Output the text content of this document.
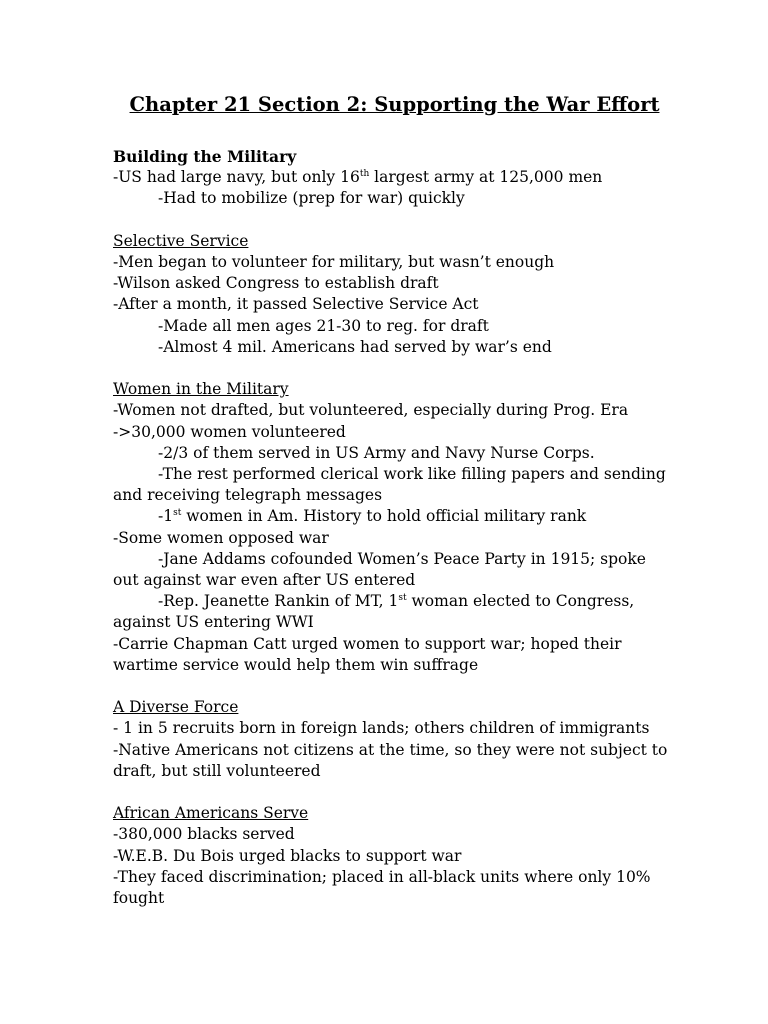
Chapter 21 Section 2: Supporting the War Effort
Building the Military
-US had large navy, but only 16th largest army at 125,000 men
-Had to mobilize (prep for war) quickly
Selective Service
-Men began to volunteer for military, but wasn’t enough
-Wilson asked Congress to establish draft
-After a month, it passed Selective Service Act
-Made all men ages 21-30 to reg. for draft
-Almost 4 mil. Americans had served by war’s end
Women in the Military
-Women not drafted, but volunteered, especially during Prog. Era
->30,000 women volunteered
-2/3 of them served in US Army and Navy Nurse Corps.
-The rest performed clerical work like filling papers and sending and receiving telegraph messages
-1st women in Am. History to hold official military rank
-Some women opposed war
-Jane Addams cofounded Women’s Peace Party in 1915; spoke out against war even after US entered
-Rep. Jeanette Rankin of MT, 1st woman elected to Congress, against US entering WWI
-Carrie Chapman Catt urged women to support war; hoped their wartime service would help them win suffrage
A Diverse Force
- 1 in 5 recruits born in foreign lands; others children of immigrants
-Native Americans not citizens at the time, so they were not subject to draft, but still volunteered
African Americans Serve
-380,000 blacks served
-W.E.B. Du Bois urged blacks to support war
-They faced discrimination; placed in all-black units where only 10% fought
